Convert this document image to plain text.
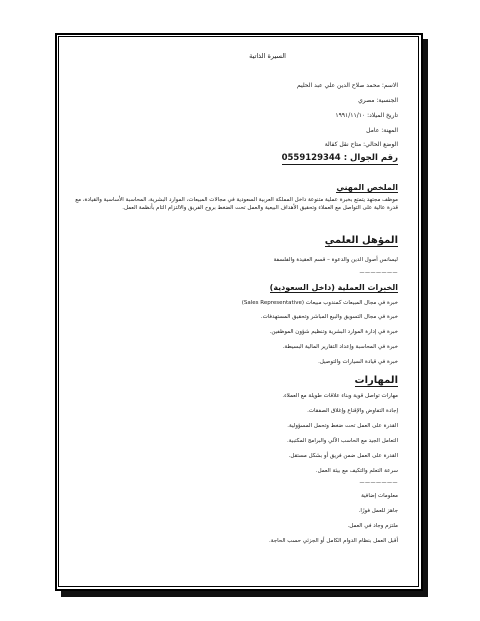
السيرة الذاتية
الاسم: محمد صلاح الدين علي عبد الحليم
الجنسية: مصري
تاريخ الميلاد: ١٩٩١/١١/١٠
المهنة: عامل
الوضع الحالي: متاح نقل كفالة
رقم الجوال : 0559129344
الملخص المهني
موظف مجتهد يتمتع بخبرة عملية متنوعة داخل المملكة العربية السعودية في مجالات المبيعات، الموارد البشرية، المحاسبة الأساسية والقيادة، مع قدرة عالية على التواصل مع العملاء وتحقيق الأهداف البيعية والعمل تحت الضغط بروح الفريق والالتزام التام بأنظمة العمل.
المؤهل العلمي
ليسانس أصول الدين والدعوة – قسم العقيدة والفلسفة
———————
الخبرات العملية (داخل السعودية)
خبرة في مجال المبيعات كمندوب مبيعات (Sales Representative)
خبرة في مجال التسويق والبيع المباشر وتحقيق المستهدفات.
خبرة في إدارة الموارد البشرية وتنظيم شؤون الموظفين.
خبرة في المحاسبة وإعداد التقارير المالية البسيطة.
خبرة في قيادة السيارات والتوصيل.
المهارات
مهارات تواصل قوية وبناء علاقات طويلة مع العملاء.
إجادة التفاوض والإقناع وإغلاق الصفقات.
القدرة على العمل تحت ضغط وتحمل المسؤولية.
التعامل الجيد مع الحاسب الآلي والبرامج المكتبية.
القدرة على العمل ضمن فريق أو بشكل مستقل.
سرعة التعلم والتكيف مع بيئة العمل.
———————
معلومات إضافية
جاهز للعمل فورًا.
ملتزم وجاد في العمل.
أقبل العمل بنظام الدوام الكامل أو الجزئي حسب الحاجة.
